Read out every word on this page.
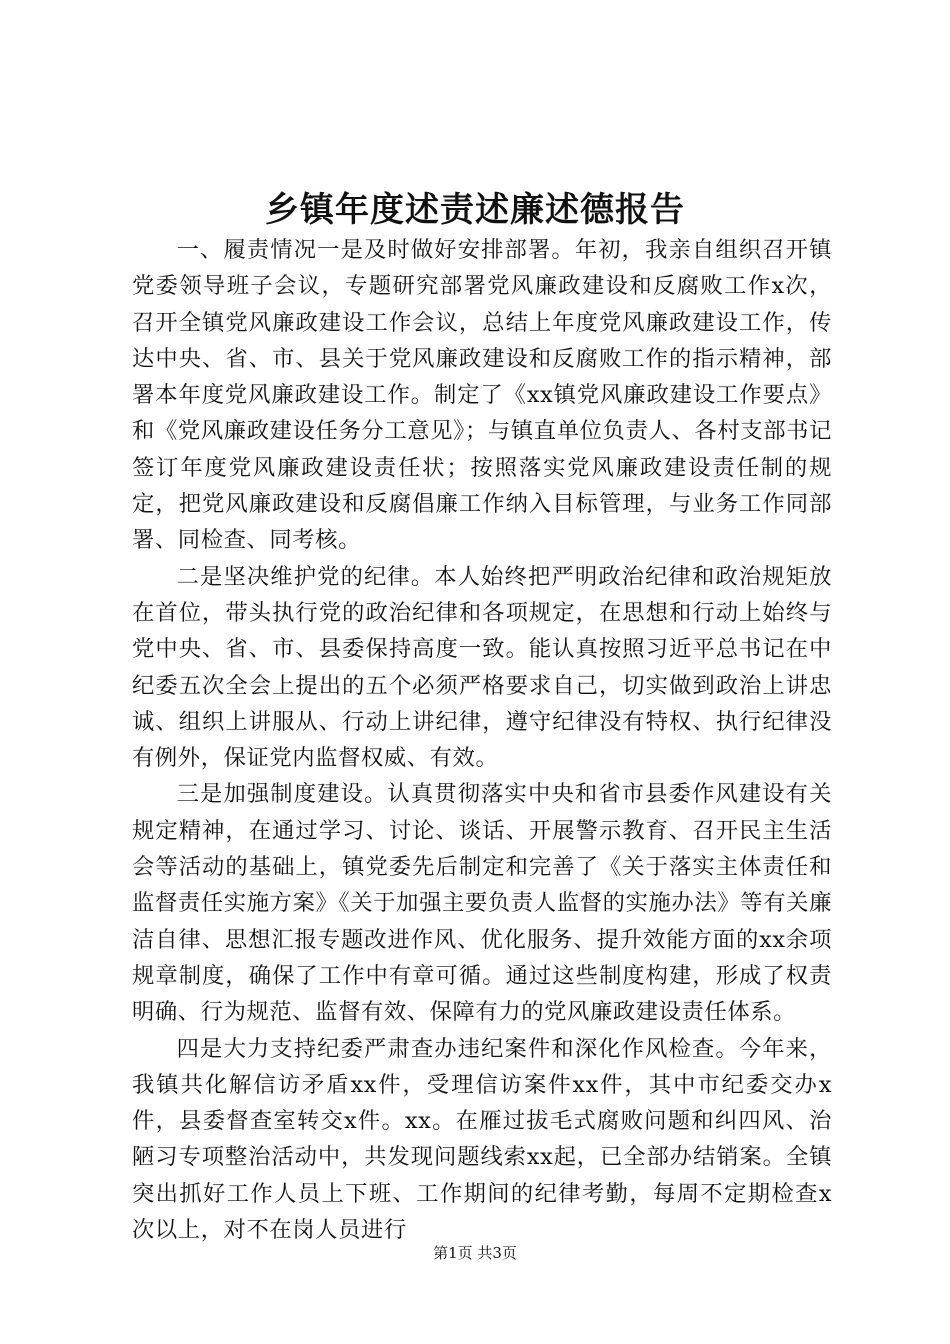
乡镇年度述责述廉述德报告

一、履责情况一是及时做好安排部署。年初，我亲自组织召开镇党委领导班子会议，专题研究部署党风廉政建设和反腐败工作x次，召开全镇党风廉政建设工作会议，总结上年度党风廉政建设工作，传达中央、省、市、县关于党风廉政建设和反腐败工作的指示精神，部署本年度党风廉政建设工作。制定了《xx镇党风廉政建设工作要点》和《党风廉政建设任务分工意见》；与镇直单位负责人、各村支部书记签订年度党风廉政建设责任状；按照落实党风廉政建设责任制的规定，把党风廉政建设和反腐倡廉工作纳入目标管理，与业务工作同部署、同检查、同考核。

二是坚决维护党的纪律。本人始终把严明政治纪律和政治规矩放在首位，带头执行党的政治纪律和各项规定，在思想和行动上始终与党中央、省、市、县委保持高度一致。能认真按照习近平总书记在中纪委五次全会上提出的五个必须严格要求自己，切实做到政治上讲忠诚、组织上讲服从、行动上讲纪律，遵守纪律没有特权、执行纪律没有例外，保证党内监督权威、有效。

三是加强制度建设。认真贯彻落实中央和省市县委作风建设有关规定精神，在通过学习、讨论、谈话、开展警示教育、召开民主生活会等活动的基础上，镇党委先后制定和完善了《关于落实主体责任和监督责任实施方案》《关于加强主要负责人监督的实施办法》等有关廉洁自律、思想汇报专题改进作风、优化服务、提升效能方面的xx余项规章制度，确保了工作中有章可循。通过这些制度构建，形成了权责明确、行为规范、监督有效、保障有力的党风廉政建设责任体系。

四是大力支持纪委严肃查办违纪案件和深化作风检查。今年来，我镇共化解信访矛盾xx件，受理信访案件xx件，其中市纪委交办x件，县委督查室转交x件。xx。在雁过拔毛式腐败问题和纠四风、治陋习专项整治活动中，共发现问题线索xx起，已全部办结销案。全镇突出抓好工作人员上下班、工作期间的纪律考勤，每周不定期检查x次以上，对不在岗人员进行

第1页 共3页
